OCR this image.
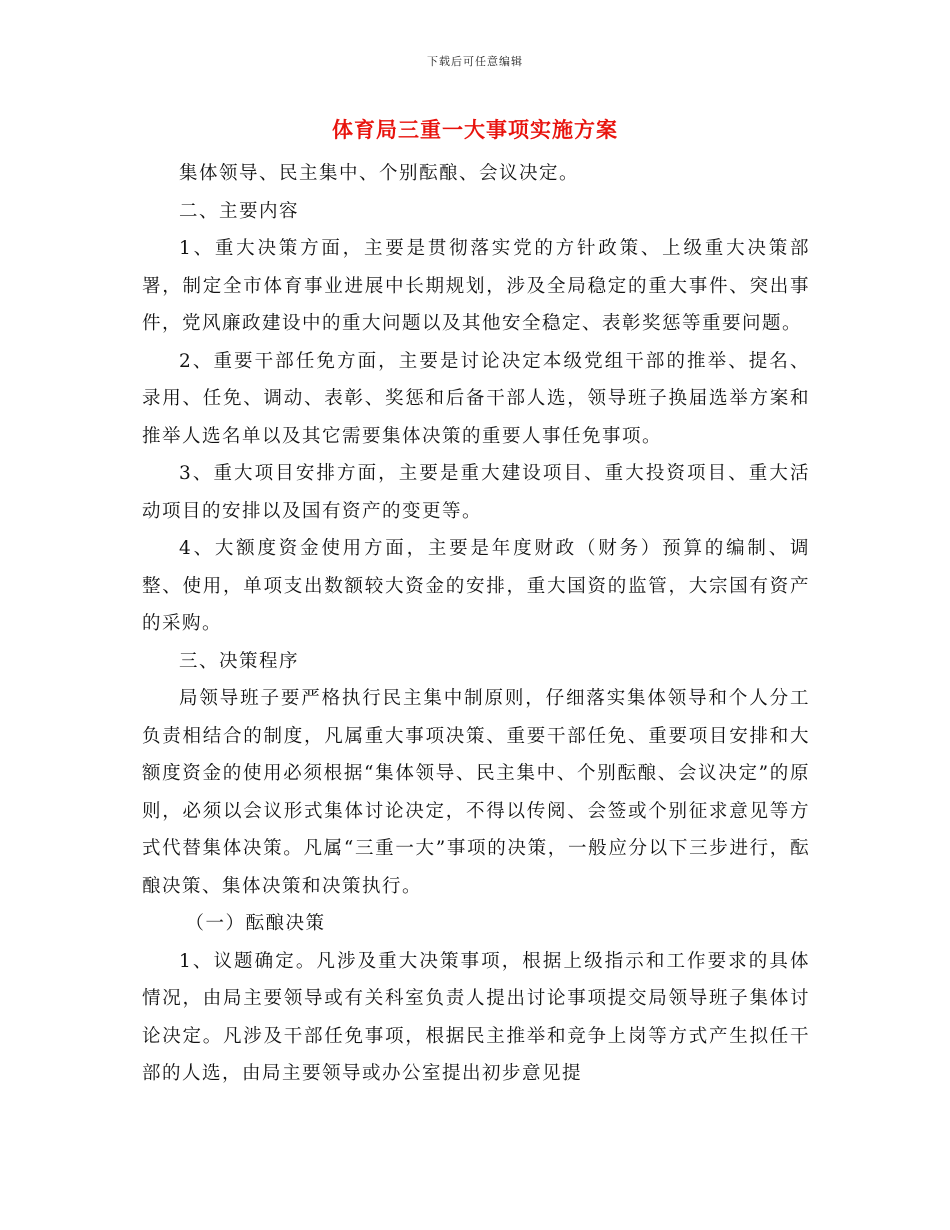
下载后可任意编辑
体育局三重一大事项实施方案

集体领导、民主集中、个别酝酿、会议决定。

二、主要内容

1、重大决策方面，主要是贯彻落实党的方针政策、上级重大决策部署，制定全市体育事业进展中长期规划，涉及全局稳定的重大事件、突出事件，党风廉政建设中的重大问题以及其他安全稳定、表彰奖惩等重要问题。

2、重要干部任免方面，主要是讨论决定本级党组干部的推举、提名、录用、任免、调动、表彰、奖惩和后备干部人选，领导班子换届选举方案和推举人选名单以及其它需要集体决策的重要人事任免事项。

3、重大项目安排方面，主要是重大建设项目、重大投资项目、重大活动项目的安排以及国有资产的变更等。

4、大额度资金使用方面，主要是年度财政（财务）预算的编制、调整、使用，单项支出数额较大资金的安排，重大国资的监管，大宗国有资产的采购。

三、决策程序

局领导班子要严格执行民主集中制原则，仔细落实集体领导和个人分工负责相结合的制度，凡属重大事项决策、重要干部任免、重要项目安排和大额度资金的使用必须根据“集体领导、民主集中、个别酝酿、会议决定”的原则，必须以会议形式集体讨论决定，不得以传阅、会签或个别征求意见等方式代替集体决策。凡属“三重一大”事项的决策，一般应分以下三步进行，酝酿决策、集体决策和决策执行。

（一）酝酿决策

1、议题确定。凡涉及重大决策事项，根据上级指示和工作要求的具体情况，由局主要领导或有关科室负责人提出讨论事项提交局领导班子集体讨论决定。凡涉及干部任免事项，根据民主推举和竞争上岗等方式产生拟任干部的人选，由局主要领导或办公室提出初步意见提
